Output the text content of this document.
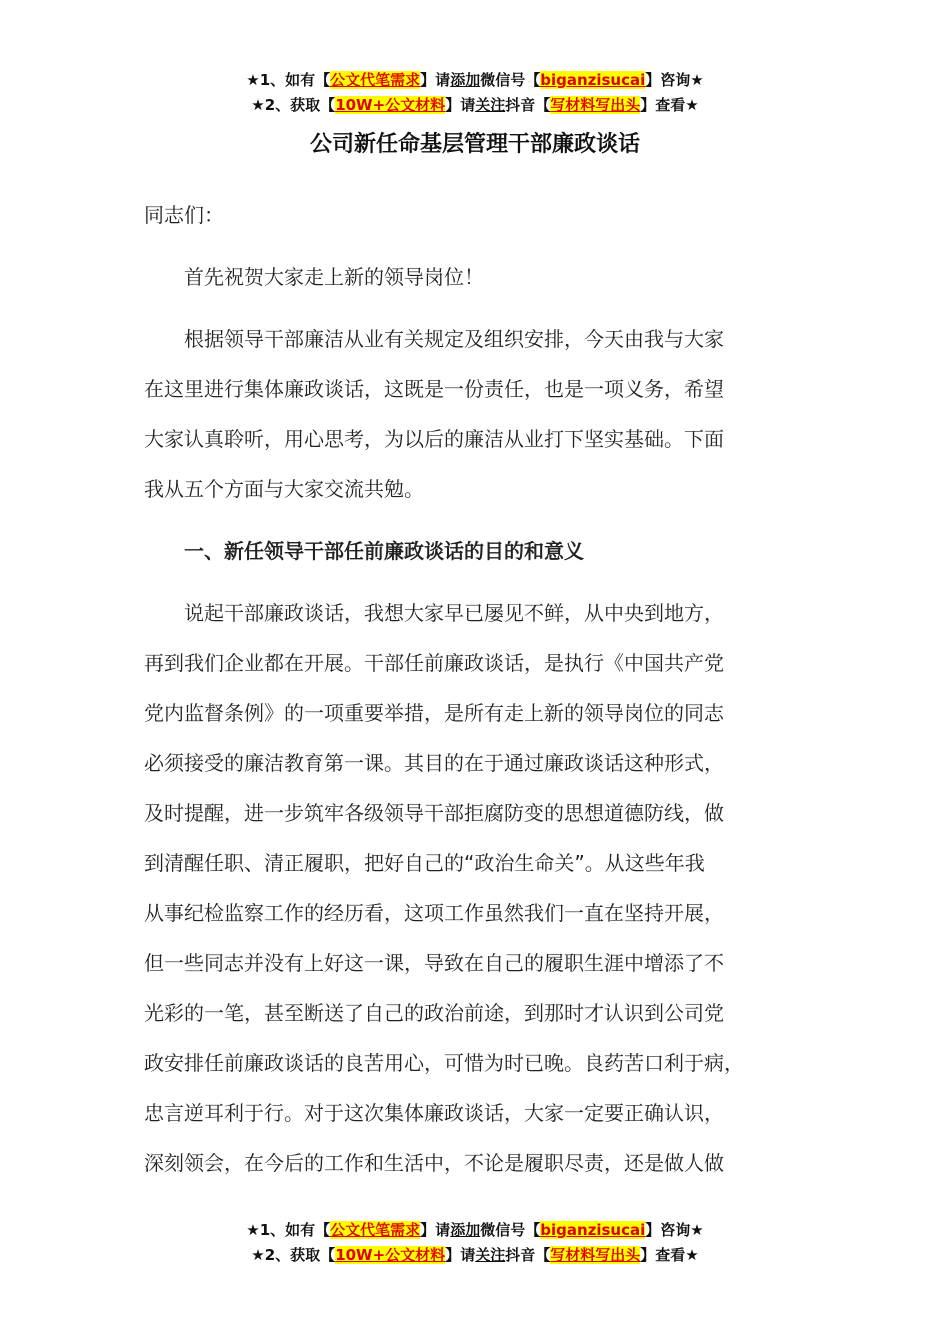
★1、如有【公文代笔需求】请添加微信号【biganzisucai】咨询★
★2、获取【10W+公文材料】请关注抖音【写材料写出头】查看★
公司新任命基层管理干部廉政谈话

同志们：

首先祝贺大家走上新的领导岗位！

根据领导干部廉洁从业有关规定及组织安排，今天由我与大家
在这里进行集体廉政谈话，这既是一份责任，也是一项义务，希望
大家认真聆听，用心思考，为以后的廉洁从业打下坚实基础。下面
我从五个方面与大家交流共勉。

一、新任领导干部任前廉政谈话的目的和意义

说起干部廉政谈话，我想大家早已屡见不鲜，从中央到地方，
再到我们企业都在开展。干部任前廉政谈话，是执行《中国共产党
党内监督条例》的一项重要举措，是所有走上新的领导岗位的同志
必须接受的廉洁教育第一课。其目的在于通过廉政谈话这种形式，
及时提醒，进一步筑牢各级领导干部拒腐防变的思想道德防线，做
到清醒任职、清正履职，把好自己的“政治生命关”。从这些年我
从事纪检监察工作的经历看，这项工作虽然我们一直在坚持开展，
但一些同志并没有上好这一课，导致在自己的履职生涯中增添了不
光彩的一笔，甚至断送了自己的政治前途，到那时才认识到公司党
政安排任前廉政谈话的良苦用心，可惜为时已晚。良药苦口利于病，
忠言逆耳利于行。对于这次集体廉政谈话，大家一定要正确认识，
深刻领会，在今后的工作和生活中，不论是履职尽责，还是做人做

★1、如有【公文代笔需求】请添加微信号【biganzisucai】咨询★
★2、获取【10W+公文材料】请关注抖音【写材料写出头】查看★
